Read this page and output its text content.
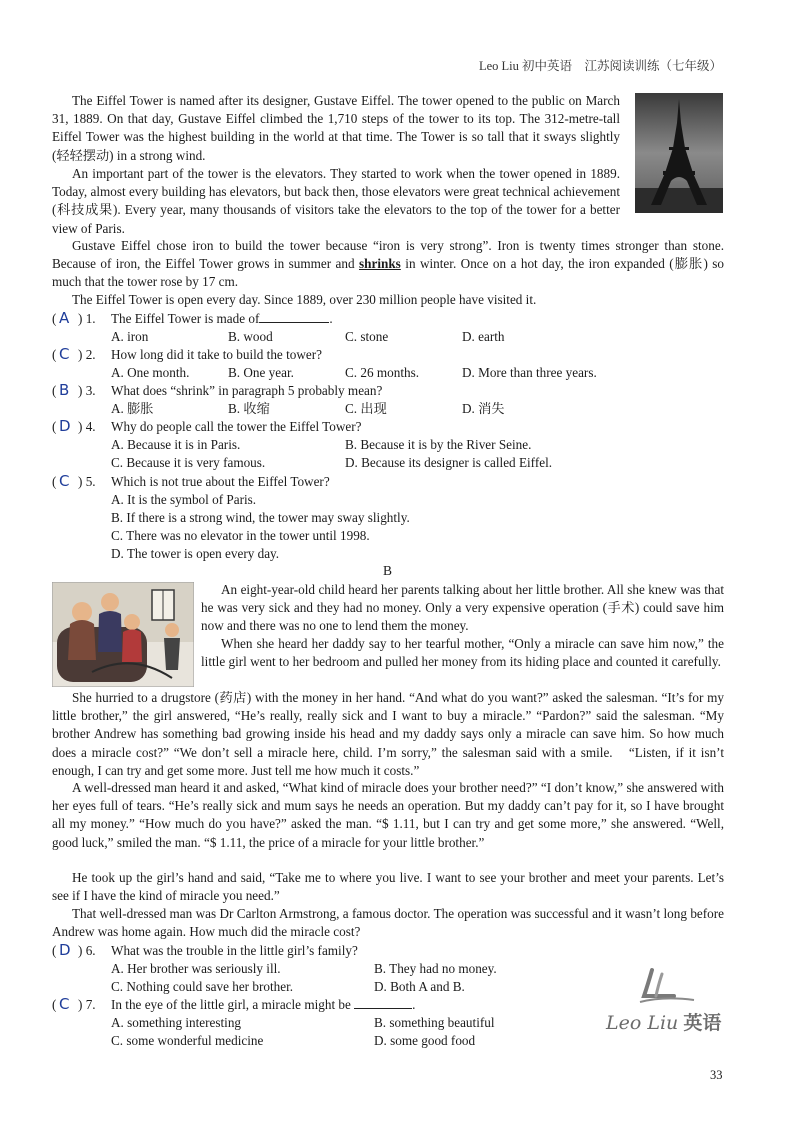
Leo Liu 初中英语　江苏阅读训练（七年级）
The Eiffel Tower is named after its designer, Gustave Eiffel. The tower opened to the public on March 31, 1889. On that day, Gustave Eiffel climbed the 1,710 steps of the tower to its top. The 312-metre-tall Eiffel Tower was the highest building in the world at that time. The Tower is so tall that it sways slightly (轻轻摆动) in a strong wind.
An important part of the tower is the elevators. They started to work when the tower opened in 1889. Today, almost every building has elevators, but back then, those elevators were great technical achievement (科技成果). Every year, many thousands of visitors take the elevators to the top of the tower for a better view of Paris.
Gustave Eiffel chose iron to build the tower because “iron is very strong”. Iron is twenty times stronger than stone. Because of iron, the Eiffel Tower grows in summer and shrinks in winter. Once on a hot day, the iron expanded (膨胀) so much that the tower rose by 17 cm.
The Eiffel Tower is open every day. Since 1889, over 230 million people have visited it.
( A ) 1. The Eiffel Tower is made of	.
A. iron	B. wood	C. stone	D. earth
( C ) 2. How long did it take to build the tower?
A. One month.	B. One year.	C. 26 months.	D. More than three years.
( B ) 3. What does “shrink” in paragraph 5 probably mean?
A. 膨胀	B. 收缩	C. 出现	D. 消失
( D ) 4. Why do people call the tower the Eiffel Tower?
A. Because it is in Paris.	B. Because it is by the River Seine.
C. Because it is very famous.	D. Because its designer is called Eiffel.
( C ) 5. Which is not true about the Eiffel Tower?
A. It is the symbol of Paris.
B. If there is a strong wind, the tower may sway slightly.
C. There was no elevator in the tower until 1998.
D. The tower is open every day.
B
An eight-year-old child heard her parents talking about her little brother. All she knew was that he was very sick and they had no money. Only a very expensive operation (手术) could save him now and there was no one to lend them the money.
When she heard her daddy say to her tearful mother, “Only a miracle can save him now,” the little girl went to her bedroom and pulled her money from its hiding place and counted it carefully.
She hurried to a drugstore (药店) with the money in her hand. “And what do you want?” asked the salesman. “It’s for my little brother,” the girl answered, “He’s really, really sick and I want to buy a miracle.” “Pardon?” said the salesman. “My brother Andrew has something bad growing inside his head and my daddy says only a miracle can save him. So how much does a miracle cost?” “We don’t sell a miracle here, child. I’m sorry,” the salesman said with a smile.　“Listen, if it isn’t enough, I can try and get some more. Just tell me how much it costs.”
A well-dressed man heard it and asked, “What kind of miracle does your brother need?” “I don’t know,” she answered with her eyes full of tears. “He’s really sick and mum says he needs an operation. But my daddy can’t pay for it, so I have brought all my money.” “How much do you have?” asked the man. “$ 1.11, but I can try and get some more,” she answered. “Well, good luck,” smiled the man. “$ 1.11, the price of a miracle for your little brother.”
He took up the girl’s hand and said, “Take me to where you live. I want to see your brother and meet your parents. Let’s see if I have the kind of miracle you need.”
That well-dressed man was Dr Carlton Armstrong, a famous doctor. The operation was successful and it wasn’t long before Andrew was home again. How much did the miracle cost?
( D ) 6. What was the trouble in the little girl’s family?
A. Her brother was seriously ill.	B. They had no money.
C. Nothing could save her brother.	D. Both A and B.
( C ) 7. In the eye of the little girl, a miracle might be	.
A. something interesting	B. something beautiful
C. some wonderful medicine	D. some good food
Leo Liu 英语
33
